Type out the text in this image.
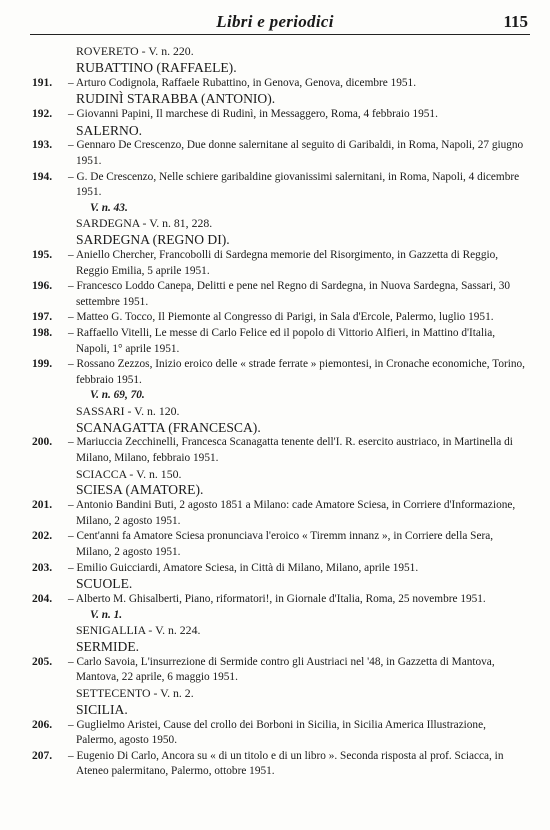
Libri e periodici	115
ROVERETO - V. n. 220.
RUBATTINO (RAFFAELE).
191.	– Arturo Codignola, Raffaele Rubattino, in Genova, Genova, dicembre 1951.
RUDINÌ STARABBA (ANTONIO).
192.	– Giovanni Papini, Il marchese di Rudinì, in Messaggero, Roma, 4 febbraio 1951.
SALERNO.
193.	– Gennaro De Crescenzo, Due donne salernitane al seguito di Garibaldi, in Roma, Napoli, 27 giugno 1951.
194.	– G. De Crescenzo, Nelle schiere garibaldine giovanissimi salernitani, in Roma, Napoli, 4 dicembre 1951.
V. n. 43.
SARDEGNA - V. n. 81, 228.
SARDEGNA (REGNO DI).
195.	– Aniello Chercher, Francobolli di Sardegna memorie del Risorgimento, in Gazzetta di Reggio, Reggio Emilia, 5 aprile 1951.
196.	– Francesco Loddo Canepa, Delitti e pene nel Regno di Sardegna, in Nuova Sardegna, Sassari, 30 settembre 1951.
197.	– Matteo G. Tocco, Il Piemonte al Congresso di Parigi, in Sala d'Ercole, Palermo, luglio 1951.
198.	– Raffaello Vitelli, Le messe di Carlo Felice ed il popolo di Vittorio Alfieri, in Mattino d'Italia, Napoli, 1° aprile 1951.
199.	– Rossano Zezzos, Inizio eroico delle « strade ferrate » piemontesi, in Cronache economiche, Torino, febbraio 1951.
V. n. 69, 70.
SASSARI - V. n. 120.
SCANAGATTA (FRANCESCA).
200.	– Mariuccia Zecchinelli, Francesca Scanagatta tenente dell'I. R. esercito austriaco, in Martinella di Milano, Milano, febbraio 1951.
SCIACCA - V. n. 150.
SCIESA (AMATORE).
201.	– Antonio Bandini Buti, 2 agosto 1851 a Milano: cade Amatore Sciesa, in Corriere d'Informazione, Milano, 2 agosto 1951.
202.	– Cent'anni fa Amatore Sciesa pronunciava l'eroico « Tiremm innanz », in Corriere della Sera, Milano, 2 agosto 1951.
203.	– Emilio Guicciardi, Amatore Sciesa, in Città di Milano, Milano, aprile 1951.
SCUOLE.
204.	– Alberto M. Ghisalberti, Piano, riformatori!, in Giornale d'Italia, Roma, 25 novembre 1951.
V. n. 1.
SENIGALLIA - V. n. 224.
SERMIDE.
205.	– Carlo Savoia, L'insurrezione di Sermide contro gli Austriaci nel '48, in Gazzetta di Mantova, Mantova, 22 aprile, 6 maggio 1951.
SETTECENTO - V. n. 2.
SICILIA.
206.	– Guglielmo Aristei, Cause del crollo dei Borboni in Sicilia, in Sicilia America Illustrazione, Palermo, agosto 1950.
207.	– Eugenio Di Carlo, Ancora su « di un titolo e di un libro ». Seconda risposta al prof. Sciacca, in Ateneo palermitano, Palermo, ottobre 1951.
